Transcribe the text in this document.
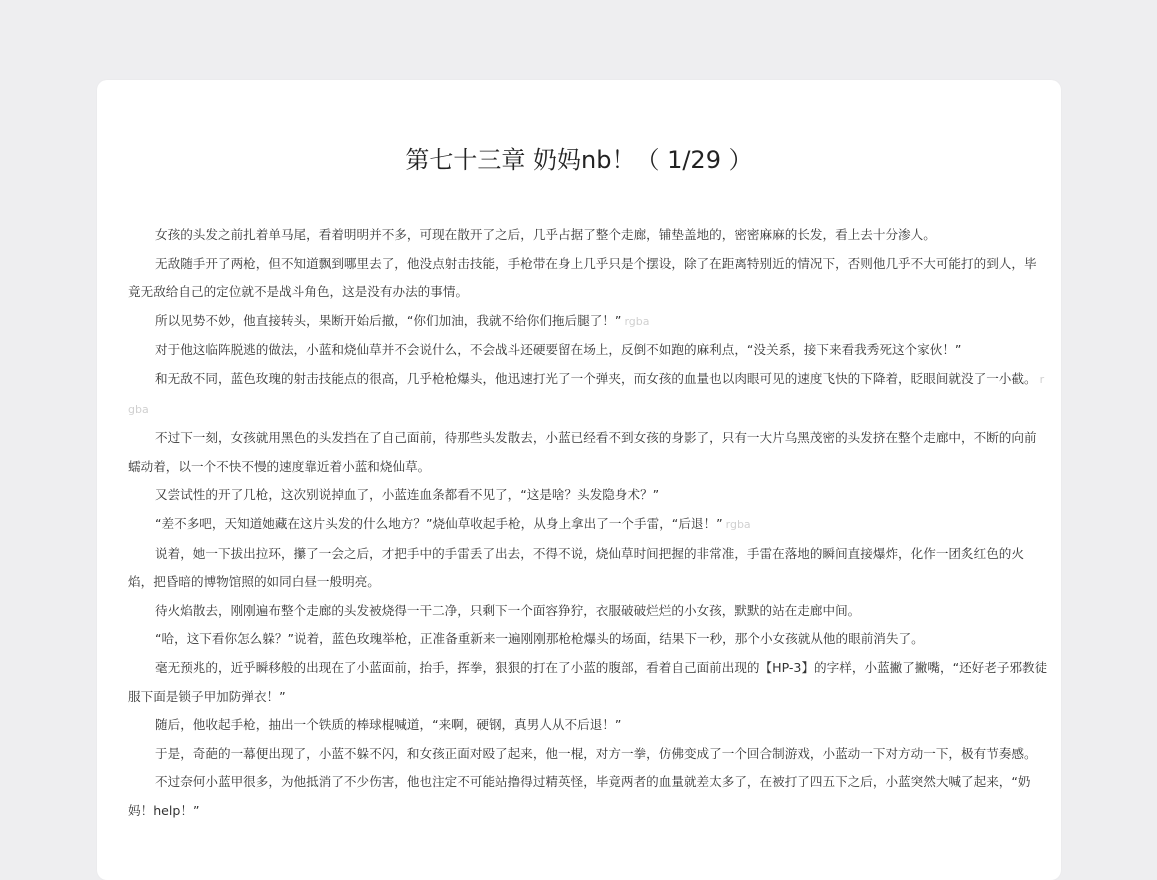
第七十三章 奶妈nb！（ 1/29 ）

女孩的头发之前扎着单马尾，看着明明并不多，可现在散开了之后，几乎占据了整个走廊，铺垫盖地的，密密麻麻的长发，看上去十分渗人。

无敌随手开了两枪，但不知道飘到哪里去了，他没点射击技能，手枪带在身上几乎只是个摆设，除了在距离特别近的情况下，否则他几乎不大可能打的到人，毕竟无敌给自己的定位就不是战斗角色，这是没有办法的事情。

所以见势不妙，他直接转头，果断开始后撤，“你们加油，我就不给你们拖后腿了！” rgba

对于他这临阵脱逃的做法，小蓝和烧仙草并不会说什么，不会战斗还硬要留在场上，反倒不如跑的麻利点，“没关系，接下来看我秀死这个家伙！”

和无敌不同，蓝色玫瑰的射击技能点的很高，几乎枪枪爆头，他迅速打光了一个弹夹，而女孩的血量也以肉眼可见的速度飞快的下降着，眨眼间就没了一小截。 rgba

不过下一刻，女孩就用黑色的头发挡在了自己面前，待那些头发散去，小蓝已经看不到女孩的身影了，只有一大片乌黑茂密的头发挤在整个走廊中，不断的向前蠕动着，以一个不快不慢的速度靠近着小蓝和烧仙草。

又尝试性的开了几枪，这次别说掉血了，小蓝连血条都看不见了，“这是啥？头发隐身术？”

“差不多吧，天知道她藏在这片头发的什么地方？”烧仙草收起手枪，从身上拿出了一个手雷，“后退！” rgba

说着，她一下拔出拉环，攥了一会之后，才把手中的手雷丢了出去，不得不说，烧仙草时间把握的非常准，手雷在落地的瞬间直接爆炸，化作一团炙红色的火焰，把昏暗的博物馆照的如同白昼一般明亮。

待火焰散去，刚刚遍布整个走廊的头发被烧得一干二净，只剩下一个面容狰狞，衣服破破烂烂的小女孩，默默的站在走廊中间。

“哈，这下看你怎么躲？”说着，蓝色玫瑰举枪，正准备重新来一遍刚刚那枪枪爆头的场面，结果下一秒，那个小女孩就从他的眼前消失了。

毫无预兆的，近乎瞬移般的出现在了小蓝面前，抬手，挥拳，狠狠的打在了小蓝的腹部，看着自己面前出现的【HP-3】的字样，小蓝撇了撇嘴，“还好老子邪教徒服下面是锁子甲加防弹衣！”

随后，他收起手枪，抽出一个铁质的棒球棍喊道，“来啊，硬钢，真男人从不后退！”

于是，奇葩的一幕便出现了，小蓝不躲不闪，和女孩正面对殴了起来，他一棍，对方一拳，仿佛变成了一个回合制游戏，小蓝动一下对方动一下，极有节奏感。

不过奈何小蓝甲很多，为他抵消了不少伤害，他也注定不可能站撸得过精英怪，毕竟两者的血量就差太多了，在被打了四五下之后，小蓝突然大喊了起来，“奶妈！help！”
